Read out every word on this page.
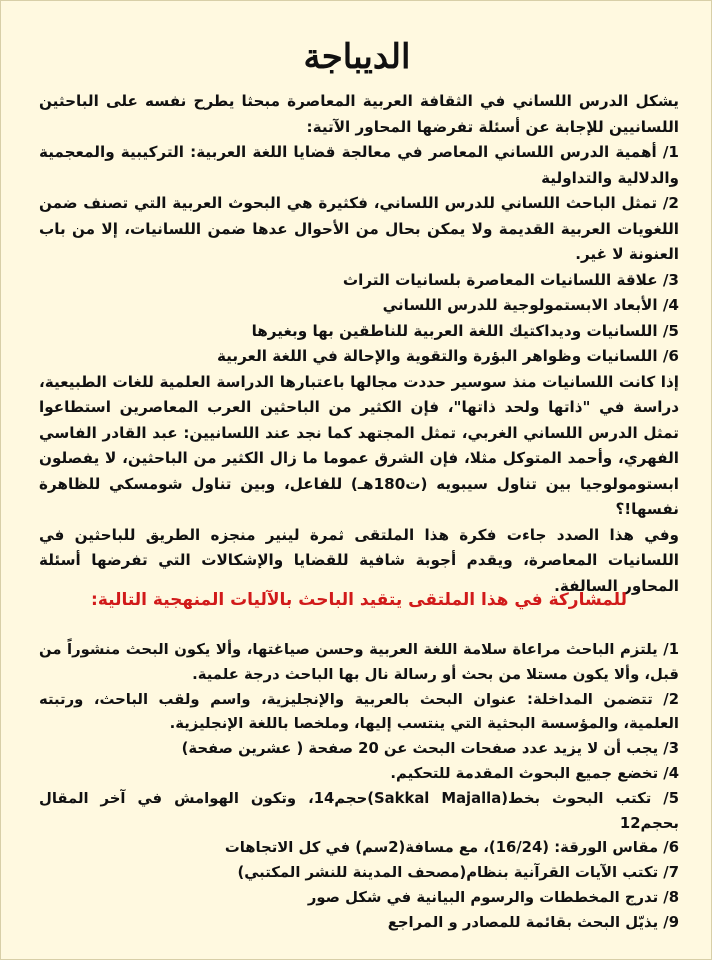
الديباجة

يشكل الدرس اللساني في الثقافة العربية المعاصرة مبحثا يطرح نفسه على الباحثين اللسانيين للإجابة عن أسئلة تفرضها المحاور الآتية:

1/ أهمية الدرس اللساني المعاصر في معالجة قضايا اللغة العربية: التركيبية والمعجمية والدلالية والتداولية

2/ تمثل الباحث اللساني للدرس اللساني، فكثيرة هي البحوث العربية التي تصنف ضمن اللغويات العربية القديمة ولا يمكن بحال من الأحوال عدها ضمن اللسانيات، إلا من باب العنونة لا غير.

3/ علاقة اللسانيات المعاصرة بلسانيات التراث

4/ الأبعاد الابستمولوجية للدرس اللساني

5/ اللسانيات وديداكتيك اللغة العربية للناطقين بها وبغيرها

6/ اللسانيات وظواهر البؤرة والتقوية والإحالة في اللغة العربية

إذا كانت اللسانيات منذ سوسير حددت مجالها باعتبارها الدراسة العلمية للغات الطبيعية، دراسة في "ذاتها ولحد ذاتها"، فإن الكثير من الباحثين العرب المعاصرين استطاعوا تمثل الدرس اللساني الغربي، تمثل المجتهد كما نجد عند اللسانيين: عبد القادر الفاسي الفهري، وأحمد المتوكل مثلا، فإن الشرق عموما ما زال الكثير من الباحثين، لا يفصلون ابستومولوجيا بين تناول سيبويه (ت180هـ) للفاعل، وبين تناول شومسكي للظاهرة نفسها!؟

وفي هذا الصدد جاءت فكرة هذا الملتقى ثمرة لينير منجزه الطريق للباحثين في اللسانيات المعاصرة، ويقدم أجوبة شافية للقضايا والإشكالات التي تفرضها أسئلة المحاور السالفة.

للمشاركة في هذا الملتقى يتقيد الباحث بالآليات المنهجية التالية:

1/ يلتزم الباحث مراعاة سلامة اللغة العربية وحسن صياغتها، وألا يكون البحث منشوراً من قبل، وألا يكون مستلا من بحث أو رسالة نال بها الباحث درجة علمية.

2/ تتضمن المداخلة: عنوان البحث بالعربية والإنجليزية، واسم ولقب الباحث، ورتبته العلمية، والمؤسسة البحثية التي ينتسب إليها، وملخصا باللغة الإنجليزية.

3/ يجب أن لا يزيد عدد صفحات البحث عن 20 صفحة ( عشرين صفحة)

4/ تخضع جميع البحوث المقدمة للتحكيم.

5/ تكتب البحوث بخط(Sakkal Majalla)حجم14، وتكون الهوامش في آخر المقال بحجم12

6/ مقاس الورقة: (16/24)، مع مسافة(2سم) في كل الاتجاهات

7/ تكتب الآيات القرآنية بنظام(مصحف المدينة للنشر المكتبي)

8/ تدرج المخططات والرسوم البيانية في شكل صور

9/ يذيّل البحث بقائمة للمصادر و المراجع
